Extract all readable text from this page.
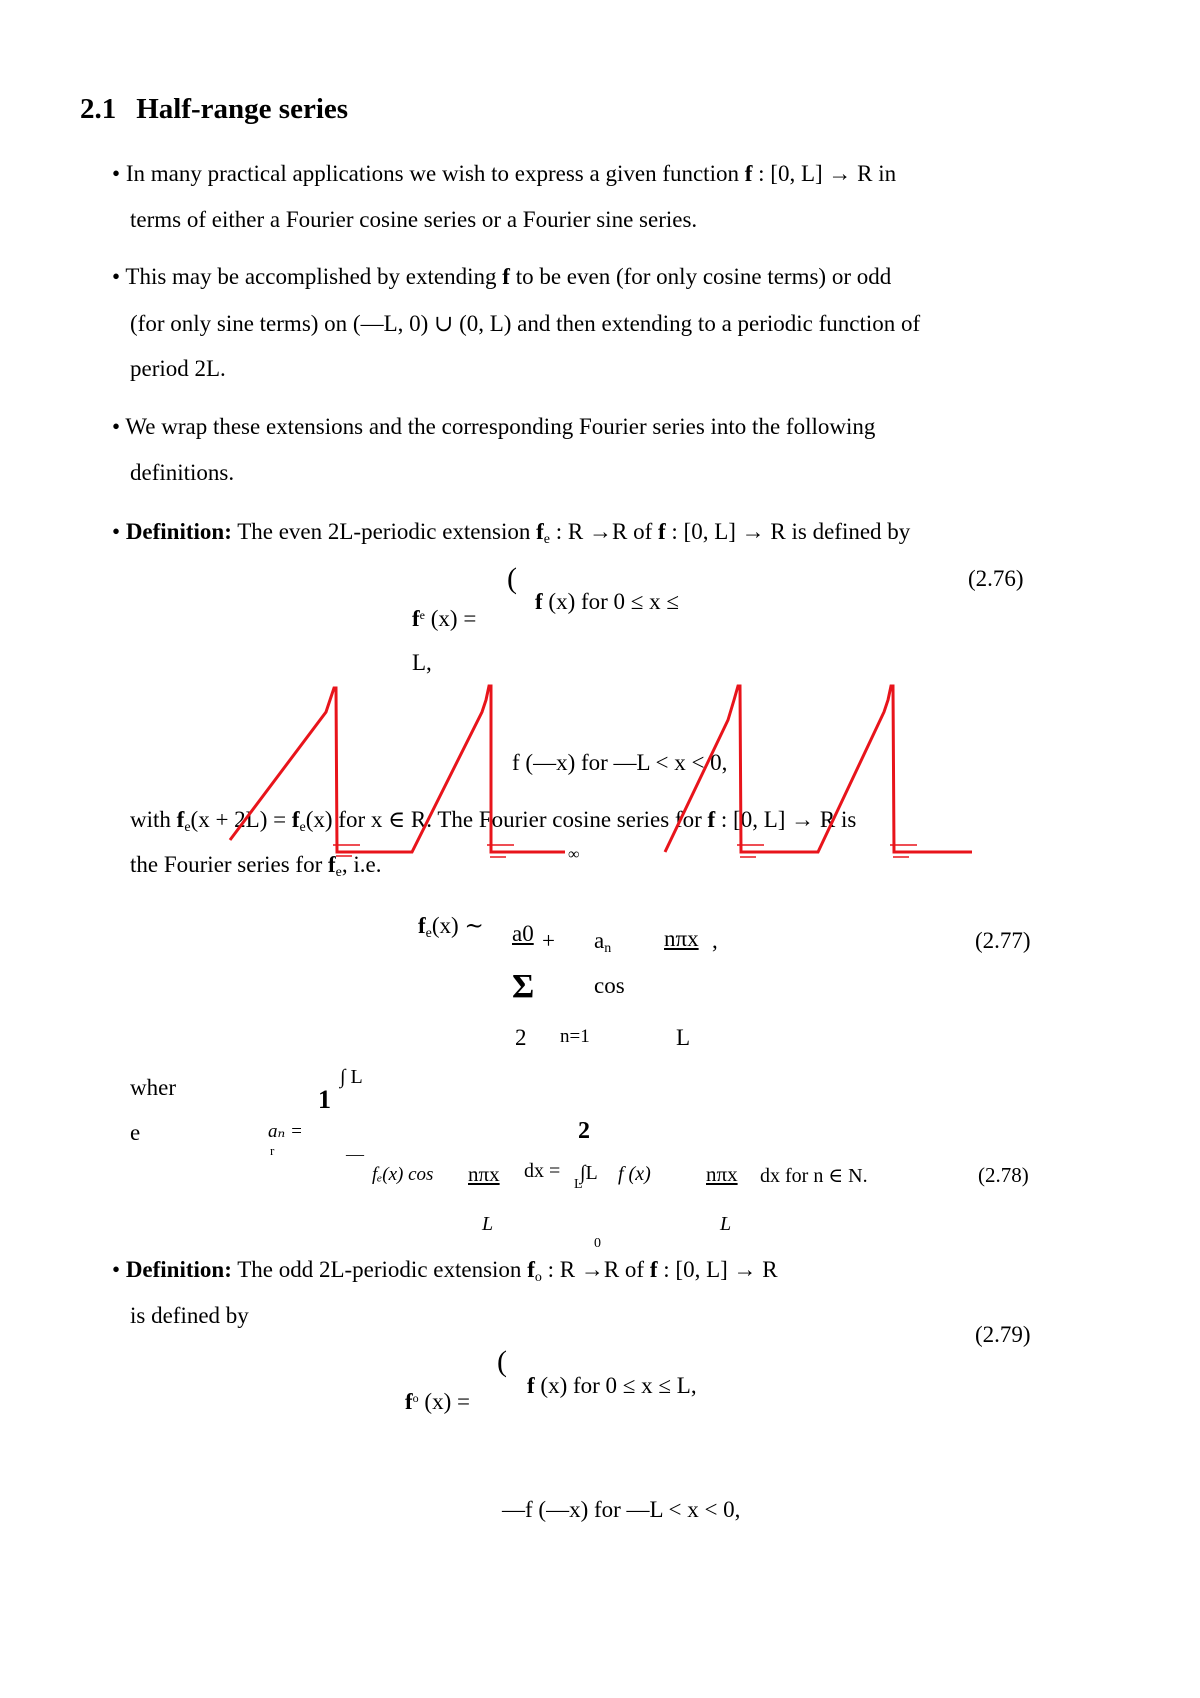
2.1 Half-range series
• In many practical applications we wish to express a given function f : [0, L] → R in
terms of either a Fourier cosine series or a Fourier sine series.
• This may be accomplished by extending f to be even (for only cosine terms) or odd
(for only sine terms) on (—L, 0) ∪ (0, L) and then extending to a periodic function of
period 2L.
• We wrap these extensions and the corresponding Fourier series into the following
definitions.
• Definition: The even 2L-periodic extension $f_e$ : R →R of f : [0, L] → R is defined by
(2.76)
(
f (x) for 0 ≤ x ≤
$f^e$ (x) =
L,
f (—x) for —L < x < 0,
with $f_e(x + 2L) = f_e(x)$ for x ∈ R. The Fourier cosine series for f : [0, L] → R is
the Fourier series for $f_e$, i.e.	∞
$f_e(x)$ ∼ $a0 + a_n$ nπx ,	(2.77)
Σ	cos
2 n=1	L
wher	1
∫ L
e	aₙ =
r
2
—
fₑ(x) cos nπx dx = ∫L
L f (x)	nπx dx for n ∈ N.	(2.78)
L	L
0
• Definition: The odd 2L-periodic extension $f_o$ : R →R of f : [0, L] → R
is defined by
(2.79)
(
f (x) for 0 ≤ x ≤ L,
$f^o$ (x) =
—f (—x) for —L < x < 0,
